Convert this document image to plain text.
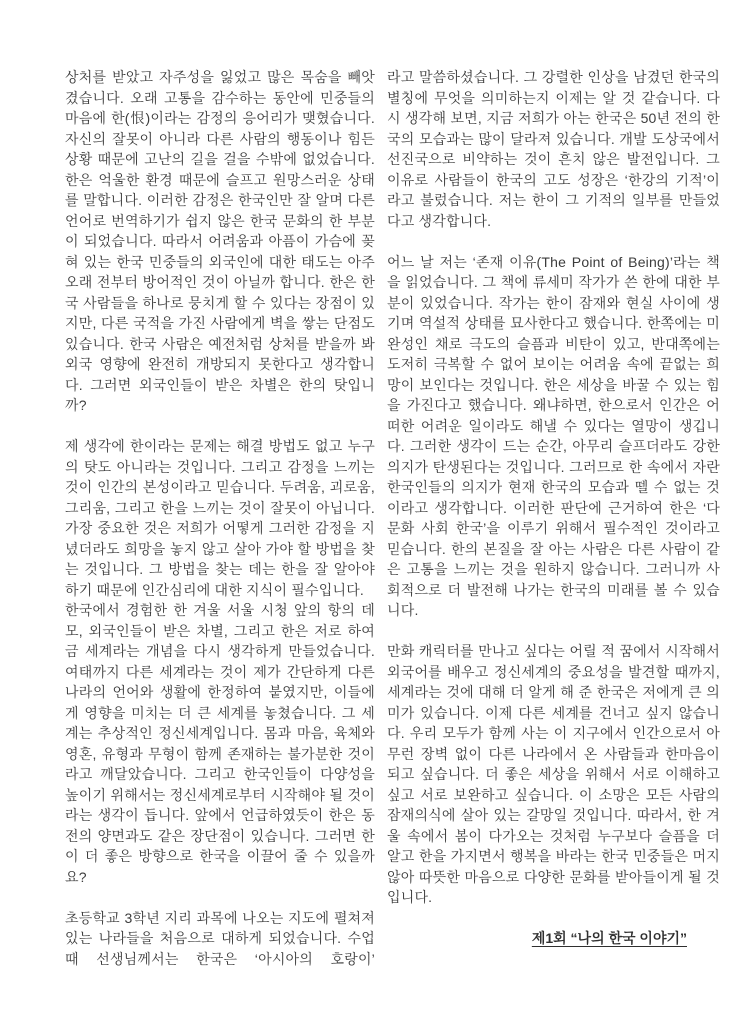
상처를 받았고 자주성을 잃었고 많은 목숨을 빼앗겼습니다. 오래 고통을 감수하는 동안에 민중들의 마음에 한(恨)이라는 감정의 응어리가 맺혔습니다. 자신의 잘못이 아니라 다른 사람의 행동이나 힘든 상황 때문에 고난의 길을 걸을 수밖에 없었습니다. 한은 억울한 환경 때문에 슬프고 원망스러운 상태를 말합니다. 이러한 감정은 한국인만 잘 알며 다른 언어로 번역하기가 쉽지 않은 한국 문화의 한 부분이 되었습니다. 따라서 어려움과 아픔이 가슴에 꽂혀 있는 한국 민중들의 외국인에 대한 태도는 아주 오래 전부터 방어적인 것이 아닐까 합니다. 한은 한국 사람들을 하나로 뭉치게 할 수 있다는 장점이 있지만, 다른 국적을 가진 사람에게 벽을 쌓는 단점도 있습니다. 한국 사람은 예전처럼 상처를 받을까 봐 외국 영향에 완전히 개방되지 못한다고 생각합니다. 그러면 외국인들이 받은 차별은 한의 탓입니까?

제 생각에 한이라는 문제는 해결 방법도 없고 누구의 탓도 아니라는 것입니다. 그리고 감정을 느끼는 것이 인간의 본성이라고 믿습니다. 두려움, 괴로움, 그리움, 그리고 한을 느끼는 것이 잘못이 아닙니다. 가장 중요한 것은 저희가 어떻게 그러한 감정을 지녔더라도 희망을 놓지 않고 살아 가야 할 방법을 찾는 것입니다. 그 방법을 찾는 데는 한을 잘 알아야 하기 때문에 인간심리에 대한 지식이 필수입니다.

한국에서 경험한 한 겨울 서울 시청 앞의 항의 데모, 외국인들이 받은 차별, 그리고 한은 저로 하여금 세계라는 개념을 다시 생각하게 만들었습니다. 여태까지 다른 세계라는 것이 제가 간단하게 다른 나라의 언어와 생활에 한정하여 붙였지만, 이들에게 영향을 미치는 더 큰 세계를 놓쳤습니다. 그 세계는 추상적인 정신세계입니다. 몸과 마음, 육체와 영혼, 유형과 무형이 함께 존재하는 불가분한 것이라고 깨달았습니다. 그리고 한국인들이 다양성을 높이기 위해서는 정신세계로부터 시작해야 될 것이라는 생각이 듭니다. 앞에서 언급하였듯이 한은 동전의 양면과도 같은 장단점이 있습니다. 그러면 한이 더 좋은 방향으로 한국을 이끌어 줄 수 있을까요?

초등학교 3학년 지리 과목에 나오는 지도에 펼쳐져 있는 나라들을 처음으로 대하게 되었습니다. 수업 때 선생님께서는 한국은 ‘아시아의 호랑이’

라고 말씀하셨습니다. 그 강렬한 인상을 남겼던 한국의 별칭에 무엇을 의미하는지 이제는 알 것 같습니다. 다시 생각해 보면, 지금 저희가 아는 한국은 50년 전의 한국의 모습과는 많이 달라져 있습니다. 개발 도상국에서 선진국으로 비약하는 것이 흔치 않은 발전입니다. 그 이유로 사람들이 한국의 고도 성장은 ‘한강의 기적’이라고 불렀습니다. 저는 한이 그 기적의 일부를 만들었다고 생각합니다.

어느 날 저는 ‘존재 이유(The Point of Being)’라는 책을 읽었습니다. 그 책에 류세미 작가가 쓴 한에 대한 부분이 있었습니다. 작가는 한이 잠재와 현실 사이에 생기며 역설적 상태를 묘사한다고 했습니다. 한쪽에는 미완성인 채로 극도의 슬픔과 비탄이 있고, 반대쪽에는 도저히 극복할 수 없어 보이는 어려움 속에 끝없는 희망이 보인다는 것입니다. 한은 세상을 바꿀 수 있는 힘을 가진다고 했습니다. 왜냐하면, 한으로서 인간은 어떠한 어려운 일이라도 해낼 수 있다는 열망이 생깁니다. 그러한 생각이 드는 순간, 아무리 슬프더라도 강한 의지가 탄생된다는 것입니다. 그러므로 한 속에서 자란 한국인들의 의지가 현재 한국의 모습과 뗄 수 없는 것이라고 생각합니다. 이러한 판단에 근거하여 한은 ‘다문화 사회 한국’을 이루기 위해서 필수적인 것이라고 믿습니다. 한의 본질을 잘 아는 사람은 다른 사람이 같은 고통을 느끼는 것을 원하지 않습니다. 그러니까 사회적으로 더 발전해 나가는 한국의 미래를 볼 수 있습니다.

만화 캐릭터를 만나고 싶다는 어릴 적 꿈에서 시작해서 외국어를 배우고 정신세계의 중요성을 발견할 때까지, 세계라는 것에 대해 더 알게 해 준 한국은 저에게 큰 의미가 있습니다. 이제 다른 세계를 건너고 싶지 않습니다. 우리 모두가 함께 사는 이 지구에서 인간으로서 아무런 장벽 없이 다른 나라에서 온 사람들과 한마음이 되고 싶습니다. 더 좋은 세상을 위해서 서로 이해하고 싶고 서로 보완하고 싶습니다. 이 소망은 모든 사람의 잠재의식에 살아 있는 갈망일 것입니다. 따라서, 한 겨울 속에서 봄이 다가오는 것처럼 누구보다 슬픔을 더 알고 한을 가지면서 행복을 바라는 한국 민중들은 머지않아 따뜻한 마음으로 다양한 문화를 받아들이게 될 것입니다.

제1회 “나의 한국 이야기”
